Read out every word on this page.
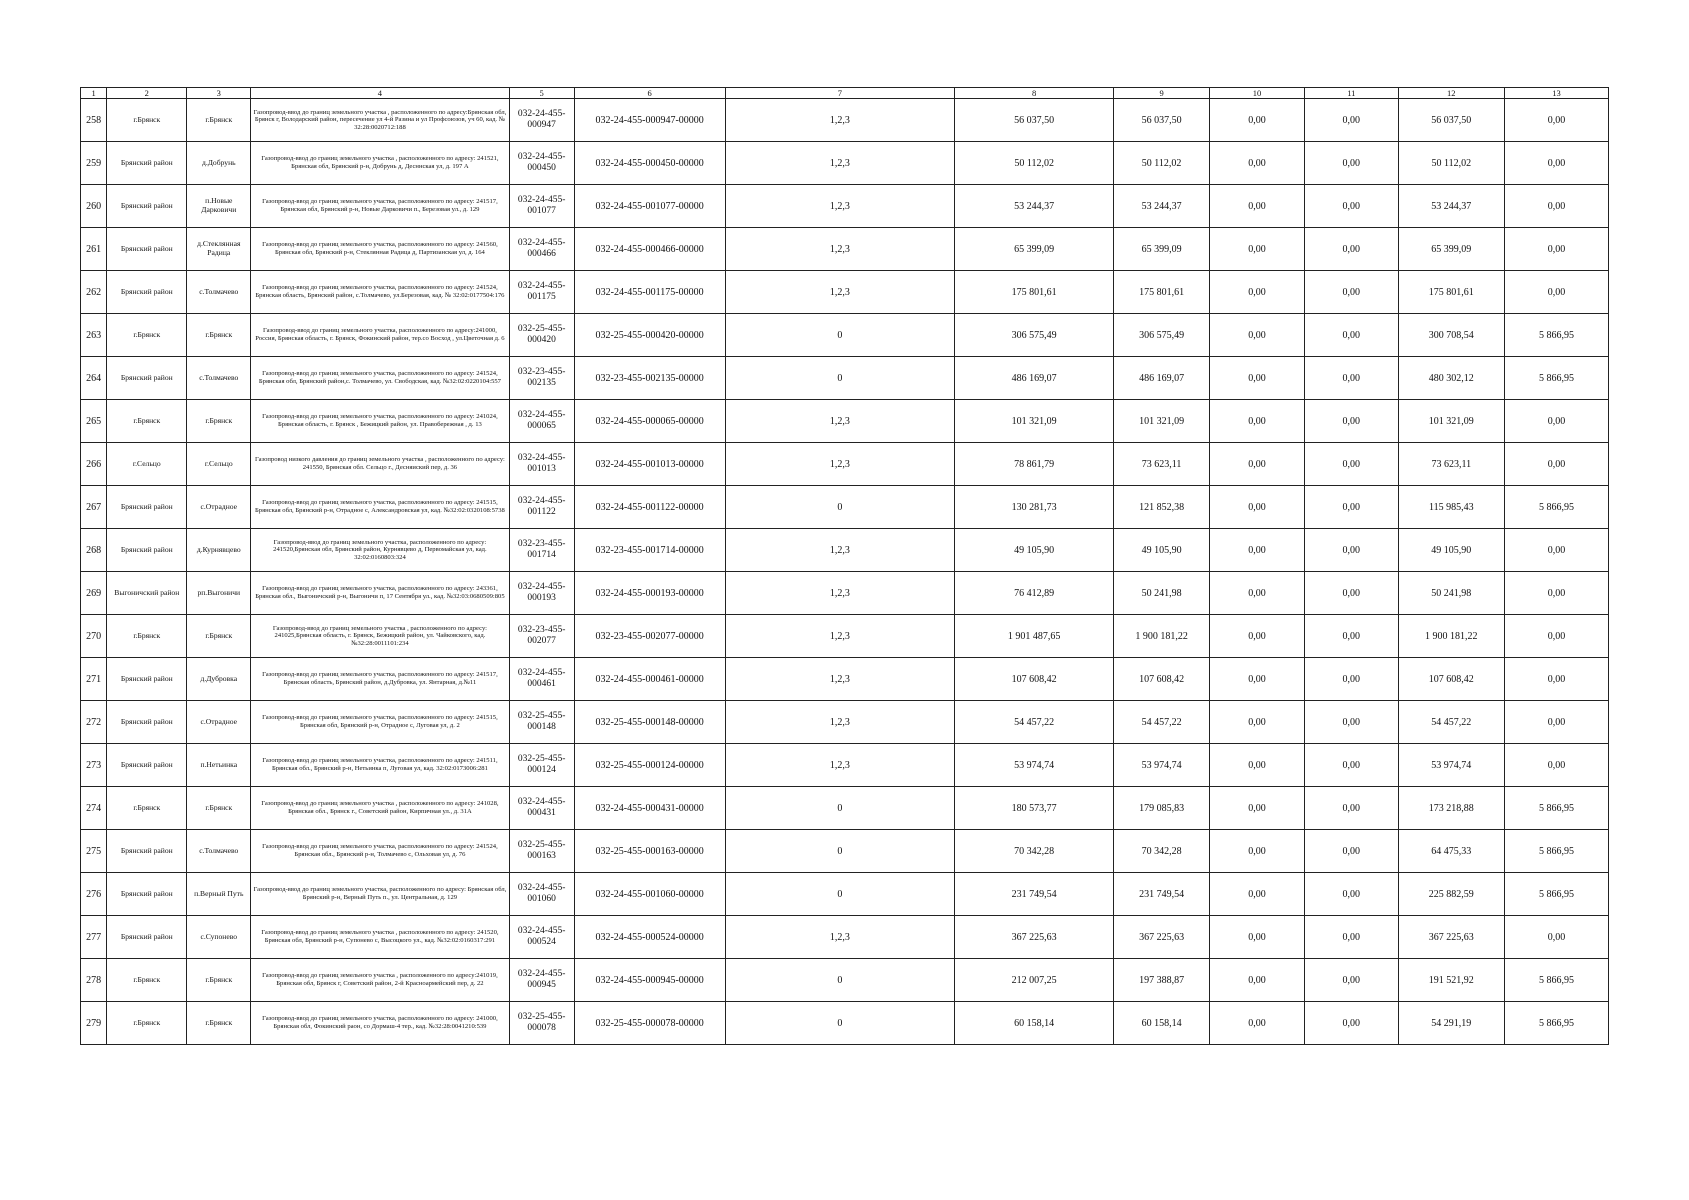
1	2	3	4	5	6	7	8	9	10	11	12	13
258	г.Брянск	г.Брянск	Газопровод-ввод до границ земельного участка , расположенного по адресу:Брянская обл, Брянск г, Володарский район, пересечение ул 4-й Разина и ул Профсоюзов, уч 60, кад. № 32:28:0020712:188	032-24-455-000947	032-24-455-000947-00000	1,2,3	56 037,50	56 037,50	0,00	0,00	56 037,50	0,00
259	Брянский район	д.Добрунь	Газопровод-ввод до границ земельного участка , расположенного по адресу: 241521, Брянская обл, Брянский р-н, Добрунь д, Десннская ул, д. 197 А	032-24-455-000450	032-24-455-000450-00000	1,2,3	50 112,02	50 112,02	0,00	0,00	50 112,02	0,00
260	Брянский район	п.Новые Дарковичи	Газопровод-ввод до границ земельного участка, расположенного по адресу: 241517, Брянская обл, Брянский р-н, Новые Дарковичи п., Березовая ул., д. 129	032-24-455-001077	032-24-455-001077-00000	1,2,3	53 244,37	53 244,37	0,00	0,00	53 244,37	0,00
261	Брянский район	д.Стеклянная Радица	Газопровод-ввод до границ земельного участка, расположенного по адресу: 241560, Брянская обл, Брянский р-н, Стеклянная Радица д, Партизанская ул, д. 164	032-24-455-000466	032-24-455-000466-00000	1,2,3	65 399,09	65 399,09	0,00	0,00	65 399,09	0,00
262	Брянский район	с.Толмачево	Газопровод-ввод до границ земельного участка, расположенного по адресу: 241524, Брянская область, Брянский район, с.Толмачево, ул.Березовая, кад. № 32:02:0177504:176	032-24-455-001175	032-24-455-001175-00000	1,2,3	175 801,61	175 801,61	0,00	0,00	175 801,61	0,00
263	г.Брянск	г.Брянск	Газопровод-ввод до границ земельного участка, расположенного по адресу:241000, Россия, Брянская область, г. Брянск, Фокинский район, тер.со Восход , ул.Цветочная д. 6	032-25-455-000420	032-25-455-000420-00000	0	306 575,49	306 575,49	0,00	0,00	300 708,54	5 866,95
264	Брянский район	с.Толмачево	Газопровод-ввод до границ земельного участка, расположенного по адресу: 241524, Брянская обл, Брянский район,с. Толмачево, ул. Свободская, кад. №32:02:0220104:557	032-23-455-002135	032-23-455-002135-00000	0	486 169,07	486 169,07	0,00	0,00	480 302,12	5 866,95
265	г.Брянск	г.Брянск	Газопровод-ввод до границ земельного участка, расположенного по адресу: 241024, Брянская область, г. Брянск , Бежицкий район, ул. Правобережная , д. 13	032-24-455-000065	032-24-455-000065-00000	1,2,3	101 321,09	101 321,09	0,00	0,00	101 321,09	0,00
266	г.Сельцо	г.Сельцо	Газопровод низкого давления до границ земельного участка , расположенного по адресу: 241550, Брянская обл. Сельцо г., Десняиский пер, д. 36	032-24-455-001013	032-24-455-001013-00000	1,2,3	78 861,79	73 623,11	0,00	0,00	73 623,11	0,00
267	Брянский район	с.Отрадное	Газопровод-ввод до границ земельного участка, расположенного по адресу: 241515, Брянская обл, Брянский р-н, Отрадное с, Александровская ул, кад. №32:02:0320108:5738	032-24-455-001122	032-24-455-001122-00000	0	130 281,73	121 852,38	0,00	0,00	115 985,43	5 866,95
268	Брянский район	д.Курнявцево	Газопровод-ввод до границ земельного участка, расположенного по адресу: 241520,Брянская обл, Брянский район, Курнявцево д, Первомайская ул, кад. 32:02:0160803:324	032-23-455-001714	032-23-455-001714-00000	1,2,3	49 105,90	49 105,90	0,00	0,00	49 105,90	0,00
269	Выгоничский район	рп.Выгоничи	Газопровод-ввод до границ земельного участка, расположенного по адресу: 243361, Брянская обл., Выгоничский р-н, Выгоничи п, 17 Сентября ул., кад. №32:03:0680509:805	032-24-455-000193	032-24-455-000193-00000	1,2,3	76 412,89	50 241,98	0,00	0,00	50 241,98	0,00
270	г.Брянск	г.Брянск	Газопровод-ввод до границ земельного участка , расположенного по адресу: 241025,Брянская область, г. Брянск, Бежицкий район, ул. Чайковского, кад. №32:28:0011101:234	032-23-455-002077	032-23-455-002077-00000	1,2,3	1 901 487,65	1 900 181,22	0,00	0,00	1 900 181,22	0,00
271	Брянский район	д.Дубровка	Газопровод-ввод до границ земельного участка, расположенного по адресу: 241517, Брянская область, Брянский район, д.Дубровка, ул. Янтарная, д.№11	032-24-455-000461	032-24-455-000461-00000	1,2,3	107 608,42	107 608,42	0,00	0,00	107 608,42	0,00
272	Брянский район	с.Отрадное	Газопровод-ввод до границ земельного участка, расположенного по адресу: 241515, Брянская обл, Брянский р-н, Отрадное с, Луговая ул, д. 2	032-25-455-000148	032-25-455-000148-00000	1,2,3	54 457,22	54 457,22	0,00	0,00	54 457,22	0,00
273	Брянский район	п.Нетьинка	Газопровод-ввод до границ земельного участка, расположенного по адресу: 241511, Брянская обл., Брянский р-н, Нетьинка п, Луговая ул, кад. 32:02:0173006:281	032-25-455-000124	032-25-455-000124-00000	1,2,3	53 974,74	53 974,74	0,00	0,00	53 974,74	0,00
274	г.Брянск	г.Брянск	Газопровод-ввод до границ земельного участка , расположенного по адресу: 241028, Брянская обл., Брянск г., Советский район, Кирпичная ул., д. 31А	032-24-455-000431	032-24-455-000431-00000	0	180 573,77	179 085,83	0,00	0,00	173 218,88	5 866,95
275	Брянский район	с.Толмачево	Газопровод-ввод до границ земельного участка, расположенного по адресу: 241524, Брянская обл., Брянский р-н, Толмачево с, Ольховая ул, д. 76	032-25-455-000163	032-25-455-000163-00000	0	70 342,28	70 342,28	0,00	0,00	64 475,33	5 866,95
276	Брянский район	п.Верный Путь	Газопровод-ввод до границ земельного участка, расположенного по адресу: Брянская обл, Брянский р-н, Верный Путь п., ул. Центральная, д. 129	032-24-455-001060	032-24-455-001060-00000	0	231 749,54	231 749,54	0,00	0,00	225 882,59	5 866,95
277	Брянский район	с.Супонево	Газопровод-ввод до границ земельного участка , расположенного по адресу: 241520, Брянская обл, Брянский р-н, Супонево с, Высоцкого ул., кад. №32:02:0160317:291	032-24-455-000524	032-24-455-000524-00000	1,2,3	367 225,63	367 225,63	0,00	0,00	367 225,63	0,00
278	г.Брянск	г.Брянск	Газопровод-ввод до границ земельного участка , расположенного по адресу:241019, Брянская обл, Брянск г, Советский район, 2-й Красноармейский пер, д. 22	032-24-455-000945	032-24-455-000945-00000	0	212 007,25	197 388,87	0,00	0,00	191 521,92	5 866,95
279	г.Брянск	г.Брянск	Газопровод-ввод до границ земельного участка, расположенного по адресу: 241000, Брянская обл, Фокинский раон, со Дормаш-4 тер., кад. №32:28:0041210:539	032-25-455-000078	032-25-455-000078-00000	0	60 158,14	60 158,14	0,00	0,00	54 291,19	5 866,95
